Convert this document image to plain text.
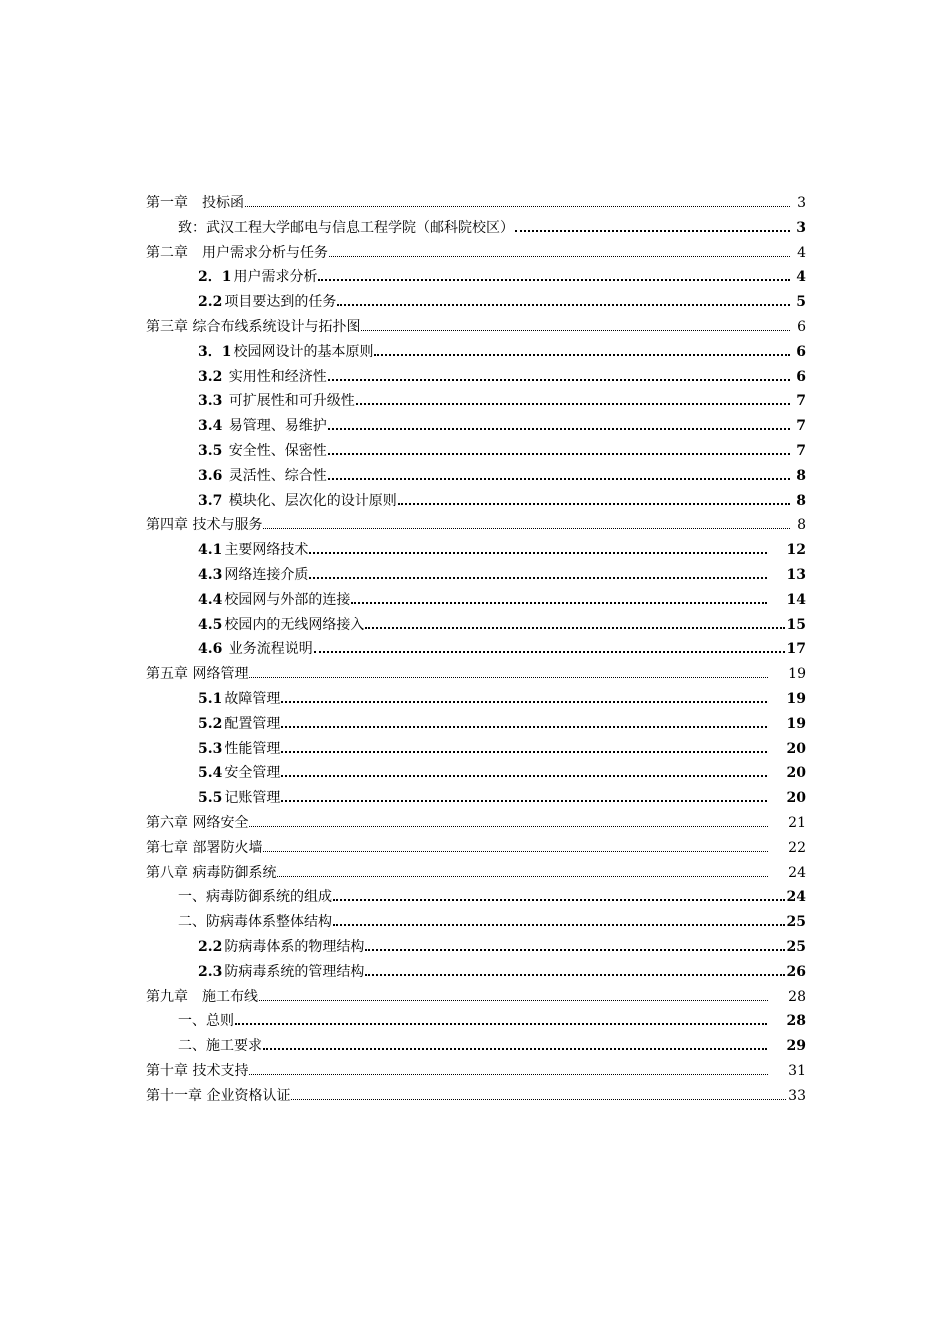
第一章　投标函	3
致：武汉工程大学邮电与信息工程学院（邮科院校区）	3
第二章　用户需求分析与任务	4
2．1 用户需求分析	4
2.2 项目要达到的任务	5
第三章 综合布线系统设计与拓扑图	6
3．1 校园网设计的基本原则	6
3.2 实用性和经济性	6
3.3 可扩展性和可升级性	7
3.4 易管理、易维护	7
3.5 安全性、保密性	7
3.6 灵活性、综合性	8
3.7 模块化、层次化的设计原则	8
第四章 技术与服务	8
4.1 主要网络技术	12
4.3 网络连接介质	13
4.4 校园网与外部的连接	14
4.5 校园内的无线网络接入	15
4.6 业务流程说明	17
第五章 网络管理	19
5.1 故障管理	19
5.2 配置管理	19
5.3 性能管理	20
5.4 安全管理	20
5.5 记账管理	20
第六章 网络安全	21
第七章 部署防火墙	22
第八章 病毒防御系统	24
一、病毒防御系统的组成	24
二、防病毒体系整体结构	25
2.2 防病毒体系的物理结构	25
2.3 防病毒系统的管理结构	26
第九章　施工布线	28
一、总则	28
二、施工要求	29
第十章 技术支持	31
第十一章 企业资格认证	33
